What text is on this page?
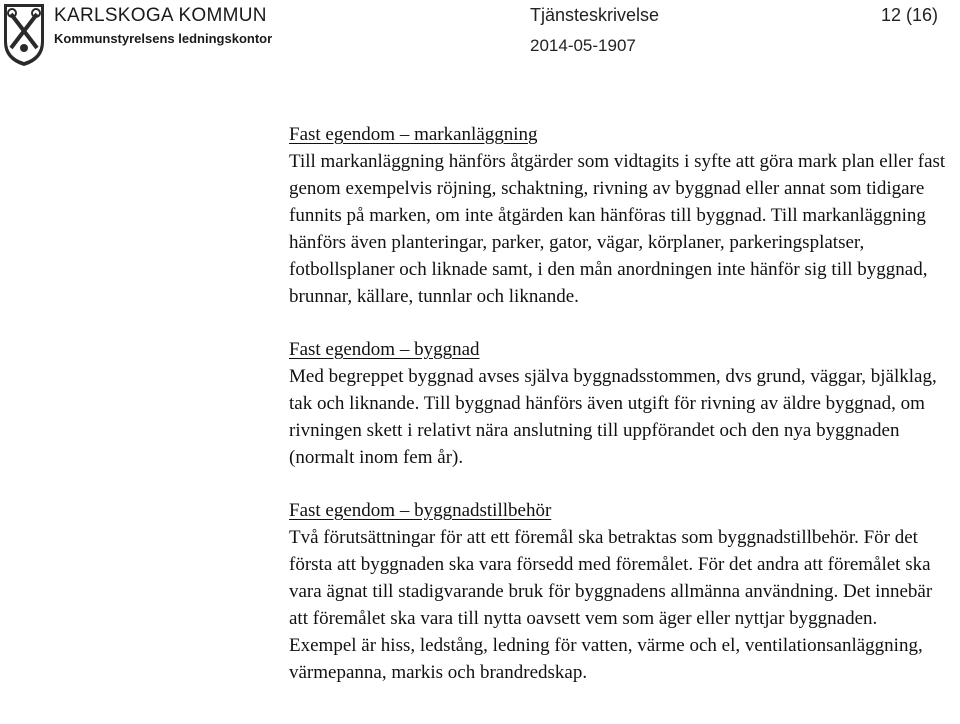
KARLSKOGA KOMMUN
Kommunstyrelsens ledningskontor
Tjänsteskrivelse	12 (16)
2014-05-1907
Fast egendom – markanläggning

Till markanläggning hänförs åtgärder som vidtagits i syfte att göra mark plan eller fast genom exempelvis röjning, schaktning, rivning av byggnad eller annat som tidigare funnits på marken, om inte åtgärden kan hänföras till byggnad. Till markanläggning hänförs även planteringar, parker, gator, vägar, körplaner, parkeringsplatser, fotbollsplaner och liknade samt, i den mån anordningen inte hänför sig till byggnad, brunnar, källare, tunnlar och liknande.

Fast egendom – byggnad

Med begreppet byggnad avses själva byggnadsstommen, dvs grund, väggar, bjälklag, tak och liknande. Till byggnad hänförs även utgift för rivning av äldre byggnad, om rivningen skett i relativt nära anslutning till uppförandet och den nya byggnaden (normalt inom fem år).

Fast egendom – byggnadstillbehör

Två förutsättningar för att ett föremål ska betraktas som byggnadstillbehör. För det första att byggnaden ska vara försedd med föremålet. För det andra att föremålet ska vara ägnat till stadigvarande bruk för byggnadens allmänna användning. Det innebär att föremålet ska vara till nytta oavsett vem som äger eller nyttjar byggnaden. Exempel är hiss, ledstång, ledning för vatten, värme och el, ventilationsanläggning, värmepanna, markis och brandredskap.
